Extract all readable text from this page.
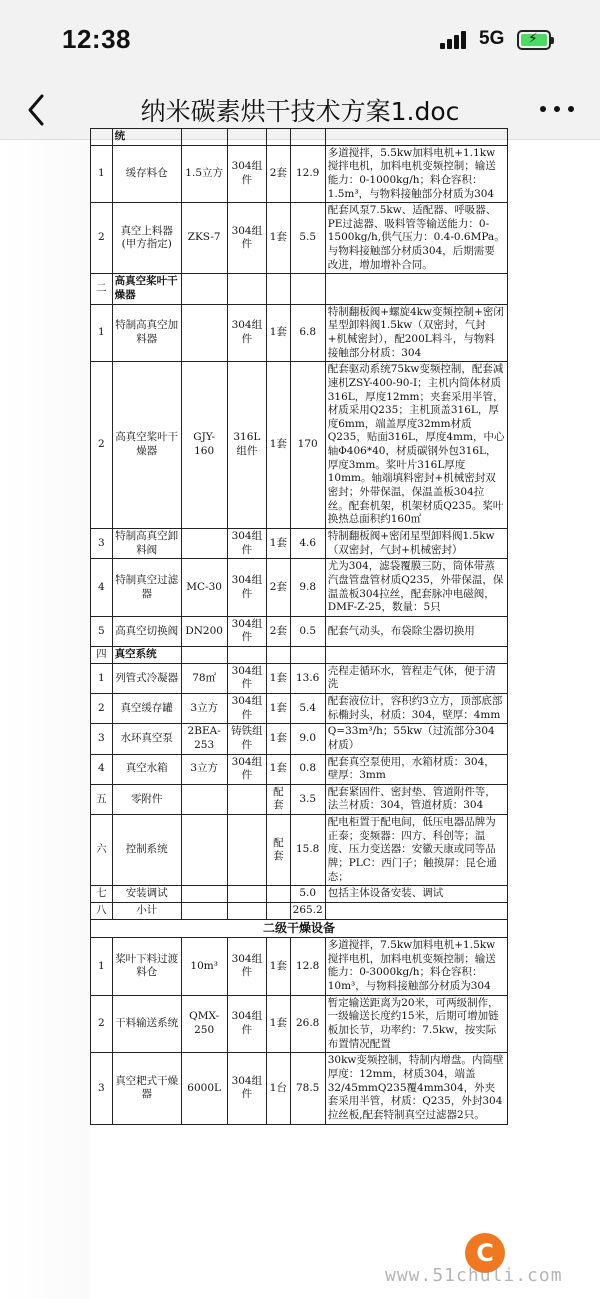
12:38	5G ⚡
纳米碳素烘干技术方案1.doc
	统					
1	缓存料仓	1.5立方	304组件	2套	12.9	多道搅拌，5.5kw加料电机+1.1kw搅拌电机，加料电机变频控制；输送能力：0-1000kg/h；料仓容积：1.5m³，与物料接触部分材质为304
2	真空上料器(甲方指定)	ZKS-7	304组件	1套	5.5	配套风泵7.5kw、适配器、呼吸器、PE过滤器、吸料管等输送能力：0-1500kg/h,供气压力：0.4-0.6MPa。与物料接触部分材质304，后期需要改进，增加增补合同。
二	高真空桨叶干燥器					
1	特制高真空加料器		304组件	1套	6.8	特制翻板阀+螺旋4kw变频控制+密闭星型卸料阀1.5kw（双密封，气封+机械密封），配200L料斗，与物料接触部分材质：304
2	高真空桨叶干燥器	GJY-160	316L组件	1套	170	配套驱动系统75kw变频控制，配套减速机ZSY-400-90-I；主机内筒体材质316L，厚度12mm；夹套采用半管，材质采用Q235；主机顶盖316L，厚度6mm，端盖厚度32mm材质Q235，贴面316L，厚度4mm，中心轴Φ406*40，材质碳钢外包316L，厚度3mm。桨叶片316L厚度10mm。轴端填料密封+机械密封双密封；外带保温，保温盖板304拉丝。配套机架，机架材质Q235。桨叶换热总面积约160㎡
3	特制高真空卸料阀		304组件	1套	4.6	特制翻板阀+密闭星型卸料阀1.5kw（双密封，气封+机械密封）
4	特制真空过滤器	MC-30	304组件	2套	9.8	尤为304，滤袋覆膜三防，筒体带蒸汽盘管盘管材质Q235，外带保温，保温盖板304拉丝，配套脉冲电磁阀，DMF-Z-25，数量：5只
5	高真空切换阀	DN200	304组件	2套	0.5	配套气动头，布袋除尘器切换用
四	真空系统					
1	列管式冷凝器	78㎡	304组件	1套	13.6	壳程走循环水，管程走气体，便于清洗
2	真空缓存罐	3立方	304组件	1套	5.4	配套液位计，容积约3立方，顶部底部标椭封头，材质：304，壁厚：4mm
3	水环真空泵	2BEA-253	铸铁组件	1套	9.0	Q=33m³/h；55kw（过流部分304材质）
4	真空水箱	3立方	304组件	1套	0.8	配套真空泵使用，水箱材质：304，壁厚：3mm
五	零附件			配套	3.5	配套紧固件、密封垫、管道附件等，法兰材质：304，管道材质：304
六	控制系统			配套	15.8	配电柜置于配电间，低压电器品牌为正泰；变频器：四方、科创等；温度、压力变送器：安徽天康或同等品牌；PLC：西门子；触摸屏：昆仑通态；
七	安装调试				5.0	包括主体设备安装、调试
八	小计				265.2	
二级干燥设备						
1	桨叶下料过渡料仓	10m³	304组件	1套	12.8	多道搅拌，7.5kw加料电机+1.5kw搅拌电机，加料电机变频控制；输送能力：0-3000kg/h；料仓容积：10m³，与物料接触部分材质为304
2	干料输送系统	QMX-250	304组件	1套	26.8	暂定输送距离为20米，可两级制作，一级输送长度约15米，后期可增加链板加长节，功率约：7.5kw，按实际布置情况配置
3	真空耙式干燥器	6000L	304组件	1台	78.5	30kw变频控制，特制内增盘。内筒壁厚度：12mm，材质304，端盖32/45mmQ235覆4mm304，外夹套采用半管，材质：Q235，外封304拉丝板,配套特制真空过滤器2只。
C
www.51chuli.com
